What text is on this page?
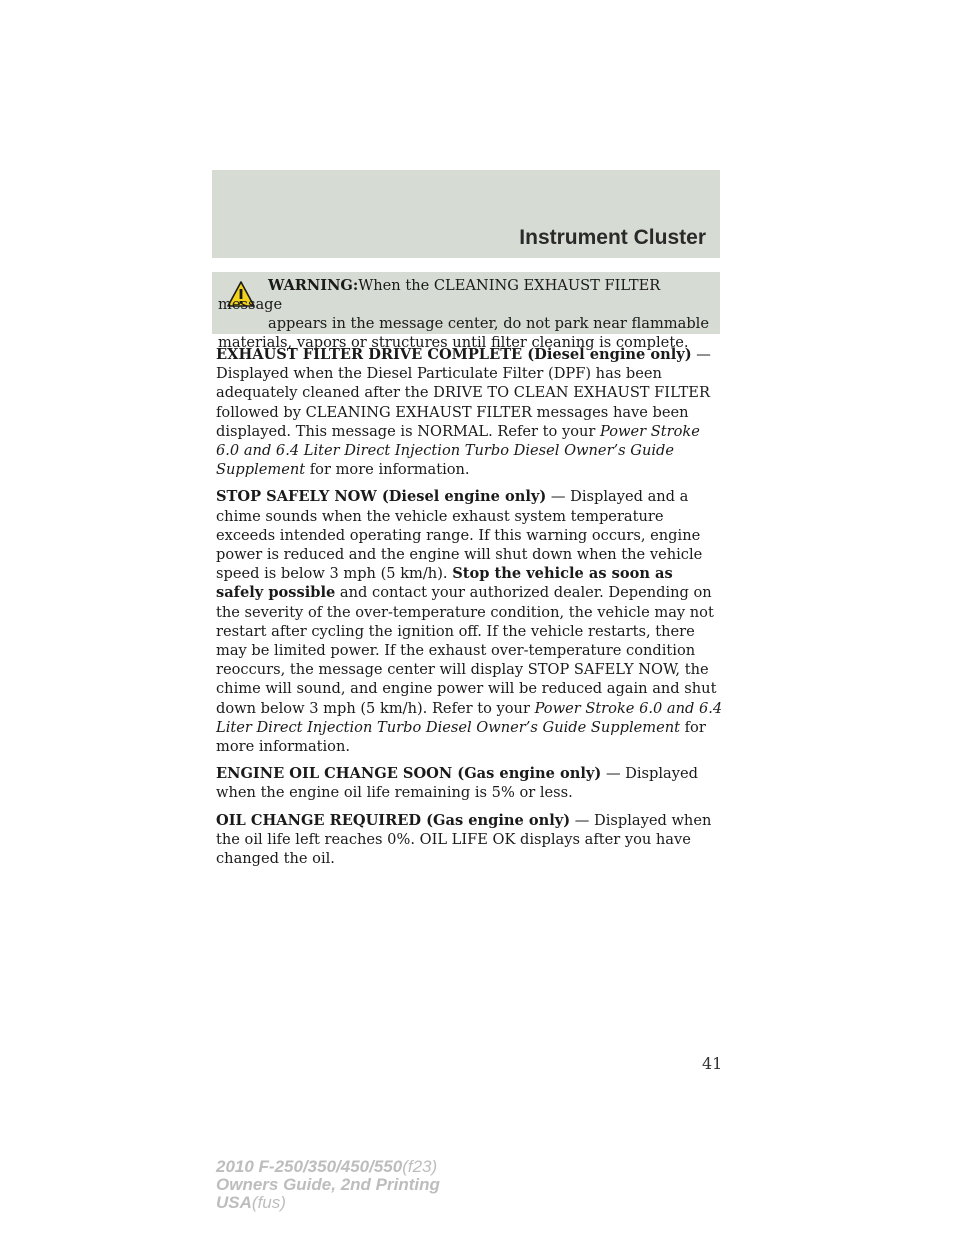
Instrument Cluster
WARNING:When the CLEANING EXHAUST FILTER message
appears in the message center, do not park near flammable
materials, vapors or structures until filter cleaning is complete.

EXHAUST FILTER DRIVE COMPLETE (Diesel engine only) — Displayed when the Diesel Particulate Filter (DPF) has been adequately cleaned after the DRIVE TO CLEAN EXHAUST FILTER followed by CLEANING EXHAUST FILTER messages have been displayed. This message is NORMAL. Refer to your Power Stroke 6.0 and 6.4 Liter Direct Injection Turbo Diesel Owner’s Guide Supplement for more information.

STOP SAFELY NOW (Diesel engine only) — Displayed and a chime sounds when the vehicle exhaust system temperature exceeds intended operating range. If this warning occurs, engine power is reduced and the engine will shut down when the vehicle speed is below 3 mph (5 km/h). Stop the vehicle as soon as safely possible and contact your authorized dealer. Depending on the severity of the over-temperature condition, the vehicle may not restart after cycling the ignition off. If the vehicle restarts, there may be limited power. If the exhaust over-temperature condition reoccurs, the message center will display STOP SAFELY NOW, the chime will sound, and engine power will be reduced again and shut down below 3 mph (5 km/h). Refer to your Power Stroke 6.0 and 6.4 Liter Direct Injection Turbo Diesel Owner’s Guide Supplement for more information.

ENGINE OIL CHANGE SOON (Gas engine only) — Displayed when the engine oil life remaining is 5% or less.

OIL CHANGE REQUIRED (Gas engine only) — Displayed when the oil life left reaches 0%. OIL LIFE OK displays after you have changed the oil.

41
2010 F-250/350/450/550(f23)
Owners Guide, 2nd Printing
USA(fus)
